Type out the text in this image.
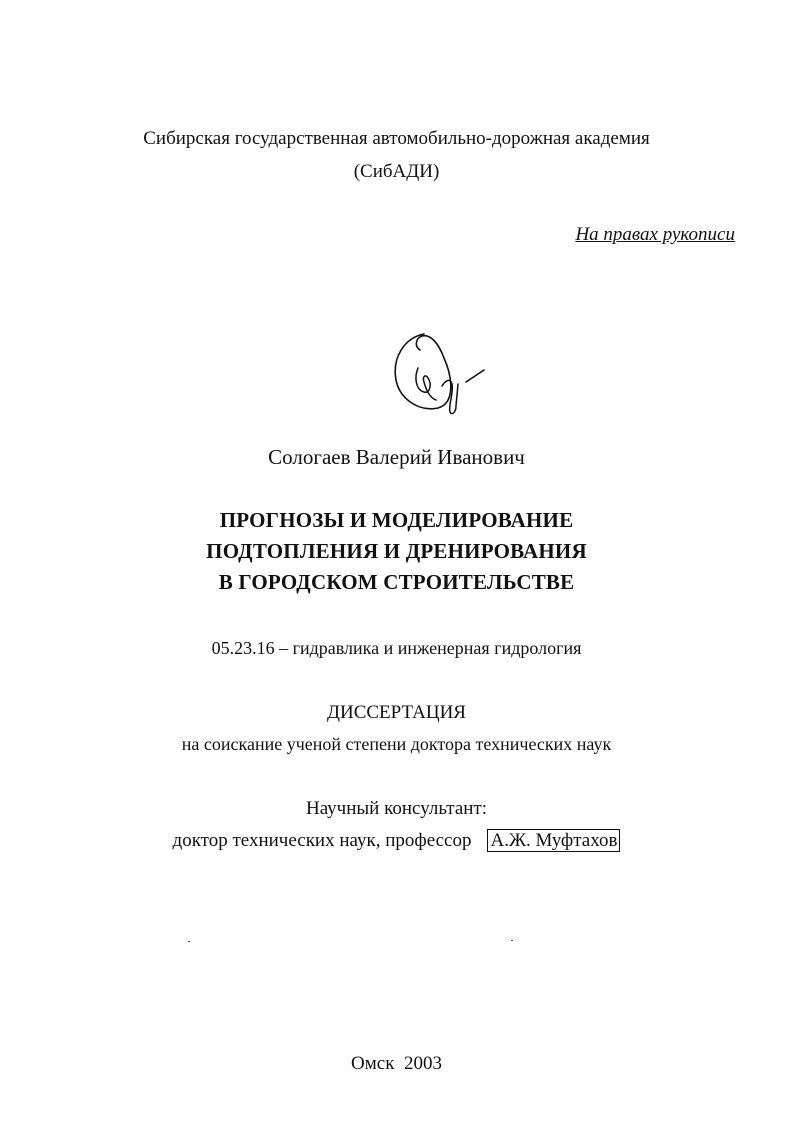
Сибирская государственная автомобильно-дорожная академия
(СибАДИ)
На правах рукописи
Сологаев Валерий Иванович
ПРОГНОЗЫ И МОДЕЛИРОВАНИЕ
ПОДТОПЛЕНИЯ И ДРЕНИРОВАНИЯ
В ГОРОДСКОМ СТРОИТЕЛЬСТВЕ
05.23.16 – гидравлика и инженерная гидрология
ДИССЕРТАЦИЯ
на соискание ученой степени доктора технических наук
Научный консультант:
доктор технических наук, профессор А.Ж. Муфтахов
Омск  2003
